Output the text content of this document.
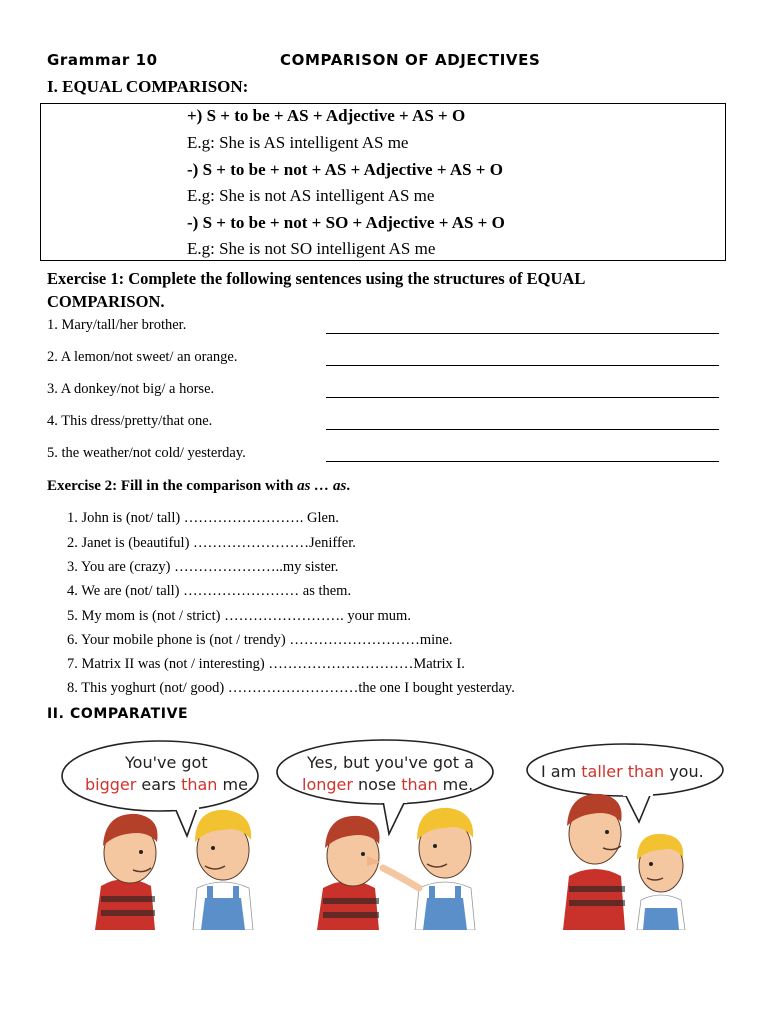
Grammar 10	COMPARISON OF ADJECTIVES
I. EQUAL COMPARISON:
+) S + to be + AS + Adjective + AS + O
E.g: She is AS intelligent AS me
-) S + to be + not + AS + Adjective + AS + O
E.g: She is not AS intelligent AS me
-) S + to be + not + SO + Adjective + AS + O
E.g: She is not SO intelligent AS me
Exercise 1: Complete the following sentences using the structures of EQUAL
COMPARISON.
1. Mary/tall/her brother.
2. A lemon/not sweet/ an orange.
3. A donkey/not big/ a horse.
4. This dress/pretty/that one.
5. the weather/not cold/ yesterday.
Exercise 2: Fill in the comparison with as … as.
1. John is (not/ tall) ……………………. Glen.
2. Janet is (beautiful) ……………………Jeniffer.
3. You are (crazy) …………………..my sister.
4. We are (not/ tall) …………………… as them.
5. My mom is (not / strict) ……………………. your mum.
6. Your mobile phone is (not / trendy) ………………………mine.
7. Matrix II was (not / interesting) …………………………Matrix I.
8. This yoghurt (not/ good) ………………………the one I bought yesterday.
II. COMPARATIVE
You've got
bigger ears than me.
Yes, but you've got a
longer nose than me.
I am taller than you.
